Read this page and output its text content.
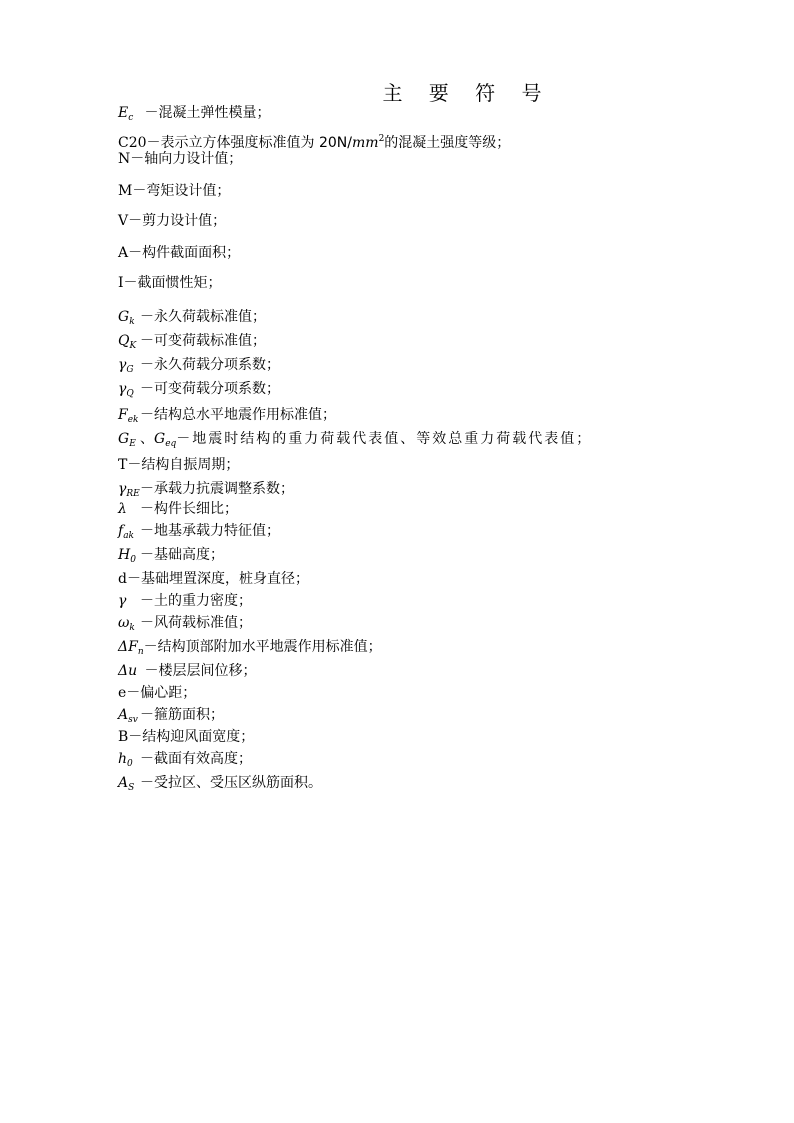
主 要 符 号
$E_c$ －混凝土弹性模量；
C20－表示立方体强度标准值为 $20N/mm^2$的混凝土强度等级；
N－轴向力设计值；
M－弯矩设计值；
V－剪力设计值；
A－构件截面面积；
I－截面惯性矩；
$G_k$ －永久荷载标准值；
$Q_K$ －可变荷载标准值；
$\gamma_G$ －永久荷载分项系数；
$\gamma_Q$ －可变荷载分项系数；
$F_{ek}$ －结构总水平地震作用标准值；
$G_E$ 、$G_{eq}-$地震时结构的重力荷载代表值、等效总重力荷载代表值；
T－结构自振周期；
$\gamma_{RE}-$承载力抗震调整系数；
λ －构件长细比；
$f_{ak}$ －地基承载力特征值；
$H_0$ －基础高度；
d－基础埋置深度，桩身直径；
γ －土的重力密度；
$\omega_k$ －风荷载标准值；
$\Delta F_n-$结构顶部附加水平地震作用标准值；
Δu －楼层层间位移；
e－偏心距；
$A_{sv}$ －箍筋面积；
B－结构迎风面宽度；
$h_0$ －截面有效高度；
$A_S$ －受拉区、受压区纵筋面积。
